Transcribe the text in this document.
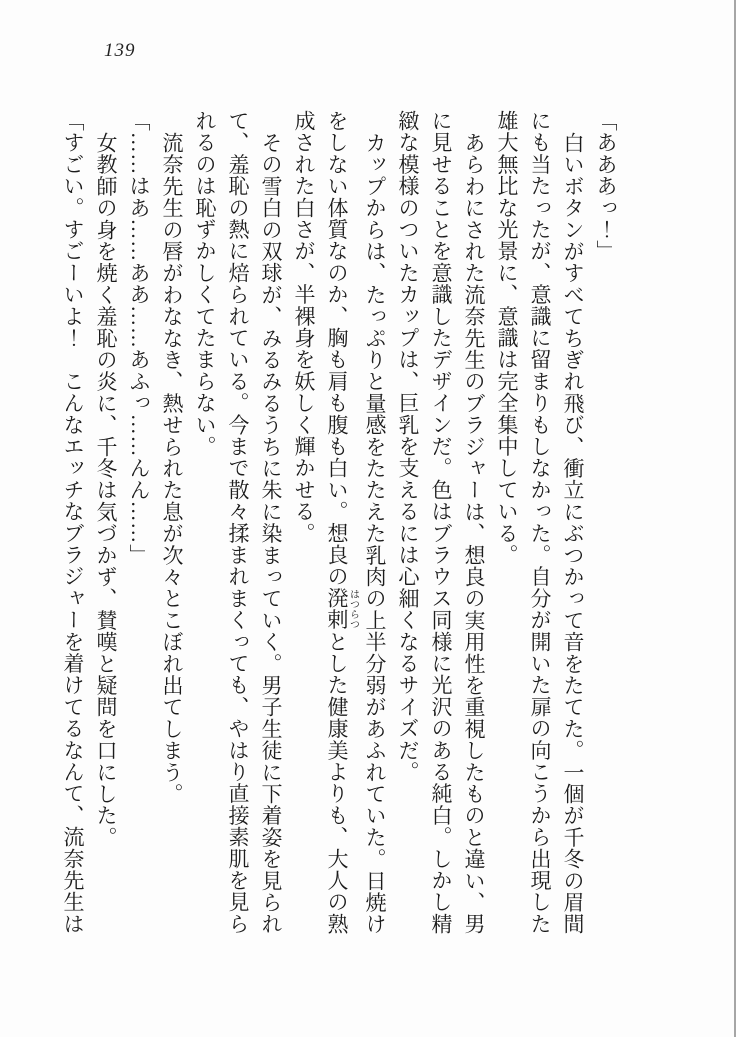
139
「あああっ！」
白いボタンがすべてちぎれ飛び、衝立にぶつかって音をたてた。一個が千冬の眉間
にも当たったが、意識に留まりもしなかった。自分が開いた扉の向こうから出現した
雄大無比な光景に、意識は完全集中している。
あらわにされた流奈先生のブラジャーは、想良の実用性を重視したものと違い、男
に見せることを意識したデザインだ。色はブラウス同様に光沢のある純白。しかし精
緻な模様のついたカップは、巨乳を支えるには心細くなるサイズだ。
カップからは、たっぷりと量感をたたえた乳肉の上半分弱があふれていた。日焼け
をしない体質なのか、胸も肩も腹も白い。想良の溌剌はつらつとした健康美よりも、大人の熟
成された白さが、半裸身を妖しく輝かせる。
その雪白の双球が、みるみるうちに朱に染まっていく。男子生徒に下着姿を見られ
て、羞恥の熱に焙られている。今まで散々揉まれまくっても、やはり直接素肌を見ら
れるのは恥ずかしくてたまらない。
流奈先生の唇がわななき、熱せられた息が次々とこぼれ出てしまう。
「……はあ……ああ……あふっ……んん……」
女教師の身を焼く羞恥の炎に、千冬は気づかず、賛嘆と疑問を口にした。
「すごい。すごーいよ！　こんなエッチなブラジャーを着けてるなんて、流奈先生は
